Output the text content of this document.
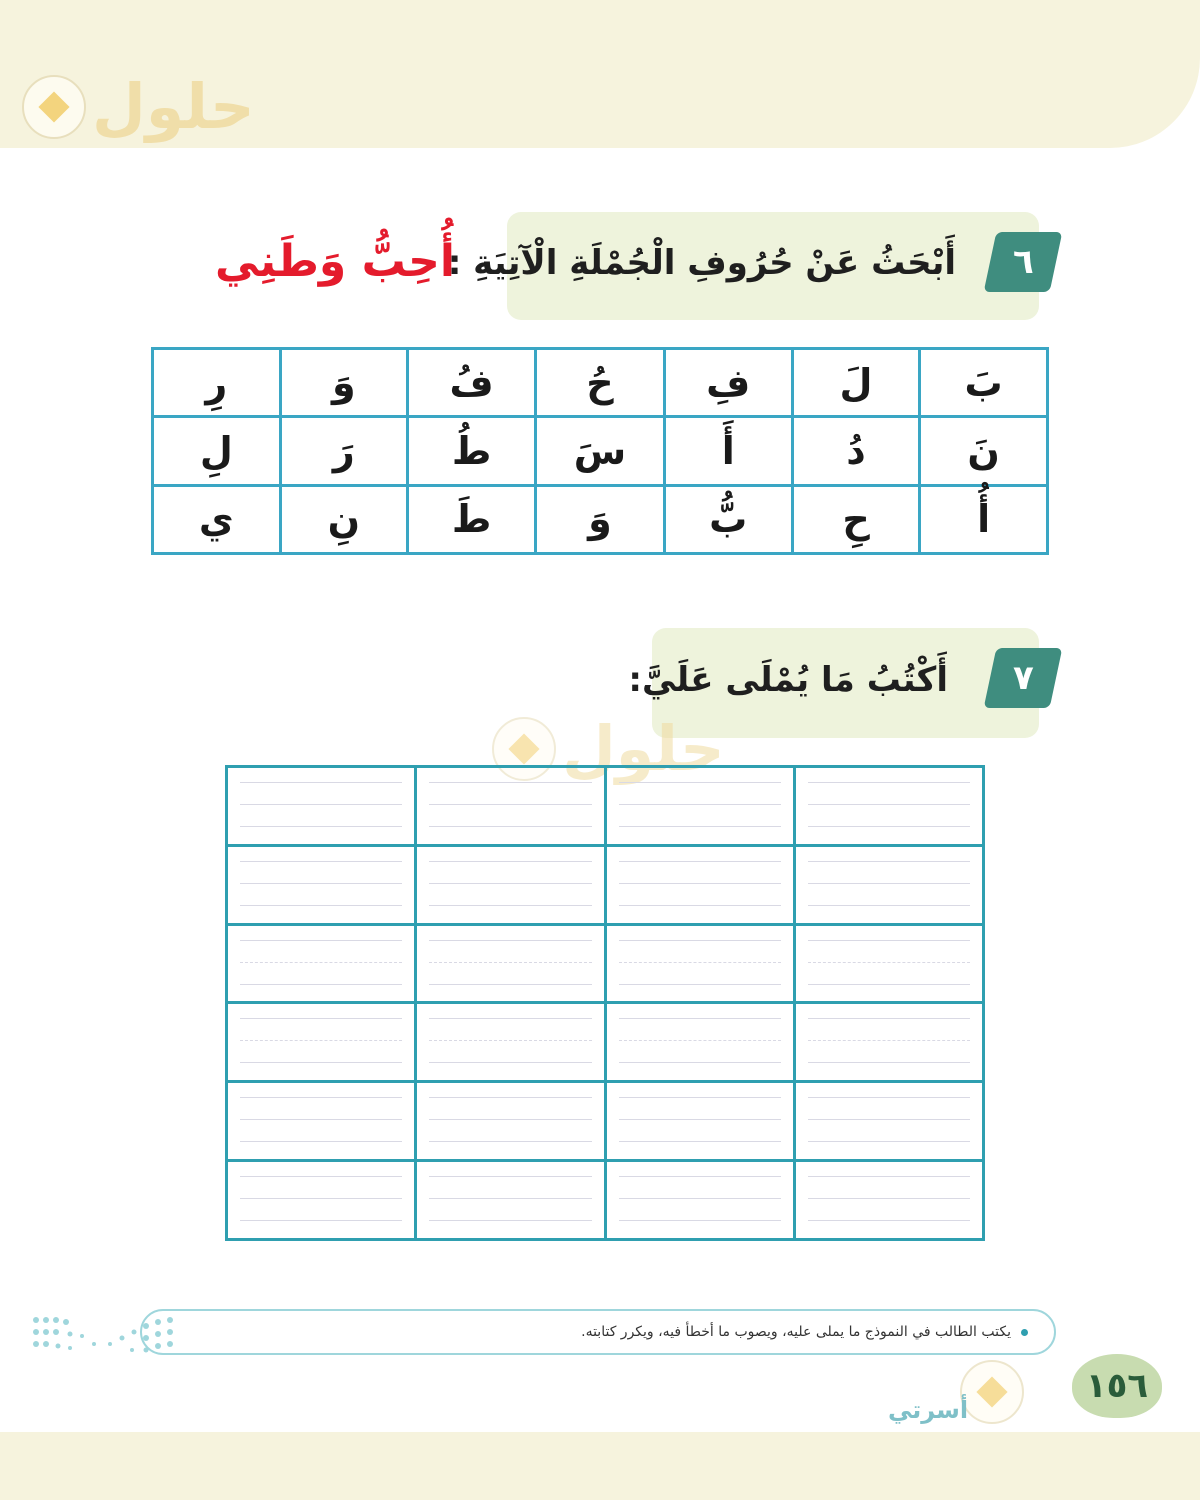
حلول
٦
أَبْحَثُ عَنْ حُرُوفِ الْجُمْلَةِ الْآتِيَةِ :
أُحِبُّ وَطَنِي
بَ	لَ	فِ	حُ	فُ	وَ	رِ
نَ	دُ	أَ	سَ	طُ	رَ	لِ
أُ	حِ	بُّ	وَ	طَ	نِ	ي
٧
أَكْتُبُ مَا يُمْلَى عَلَيَّ:
حلول

يكتب الطالب في النموذج ما يملى عليه، ويصوب ما أخطأ فيه، ويكرر كتابته.
١٥٦
أسرتي
